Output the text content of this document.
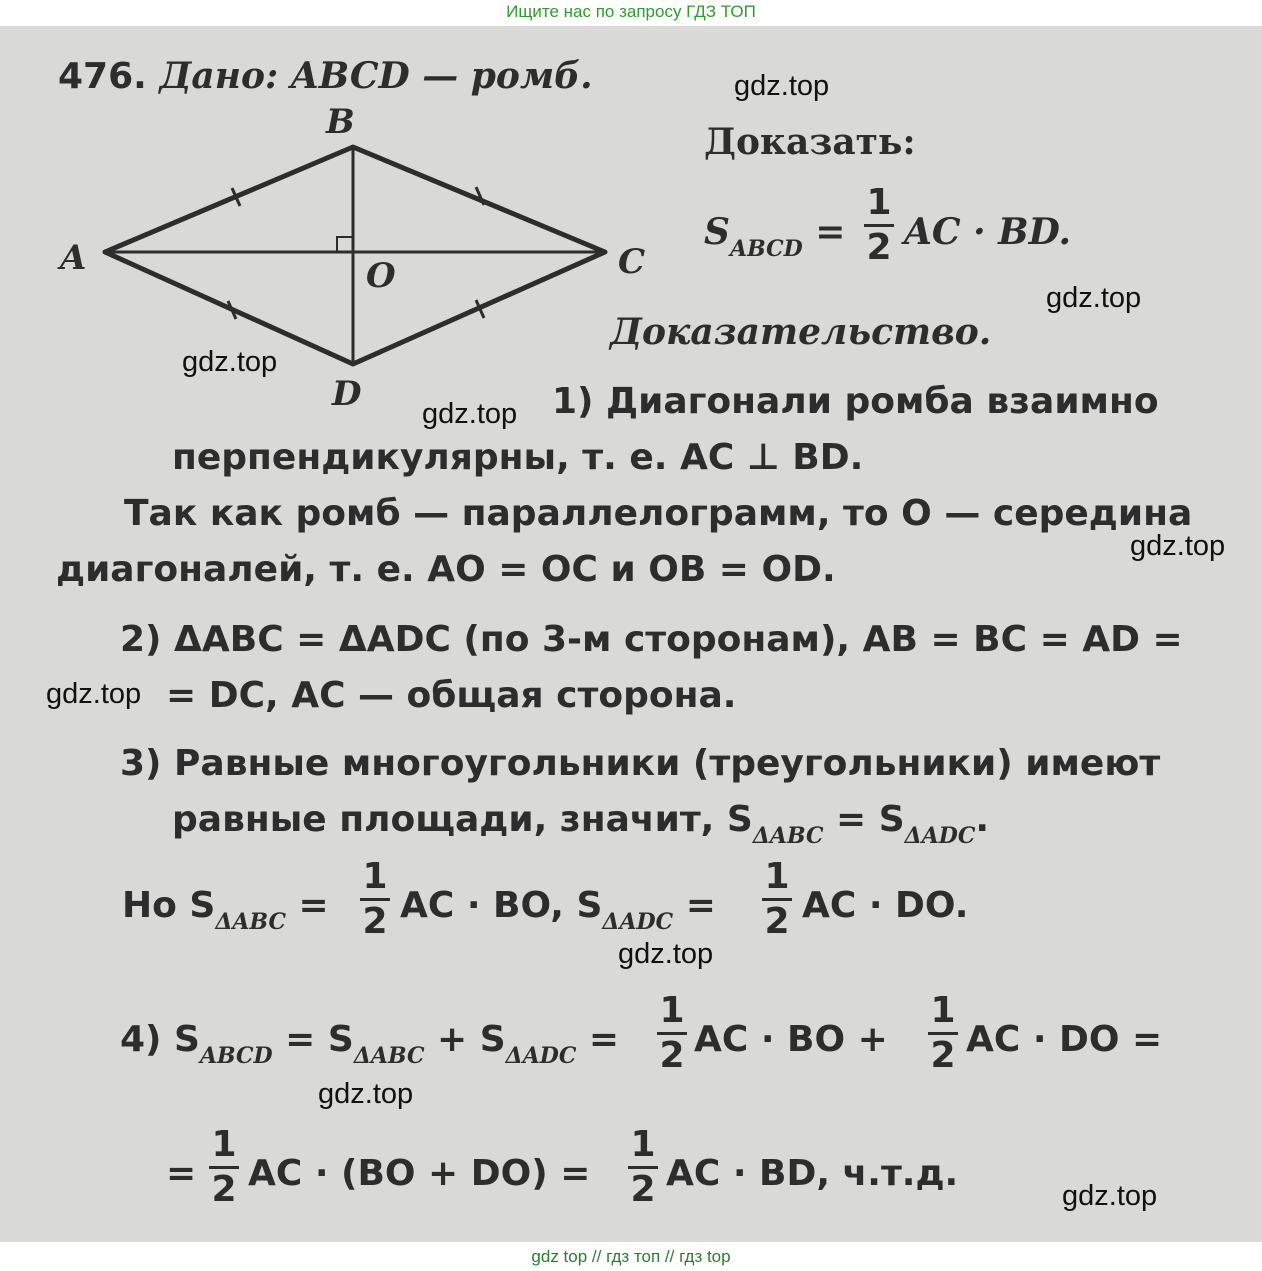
Ищите нас по запросу ГДЗ ТОП
476. Дано: ABCD — ромб.
A
B
C
D
O
Доказать:
$S_{ABCD}$ =
1
2 AC · BD.
Доказательство.
1) Диагонали ромба взаимно
перпендикулярны, т. е. AC ⊥ BD.
Так как ромб — параллелограмм, то O — середина
диагоналей, т. е. AO = OC и OB = OD.
2) ΔABC = ΔADC (по 3-м сторонам), AB = BC = AD =
= DC, AC — общая сторона.
3) Равные многоугольники (треугольники) имеют
равные площади, значит, $S_{\Delta ABC} = S_{\Delta ADC}$.
Но $S_{\Delta ABC}$ =
1
2 AC · BO, $S_{\Delta ADC}$ =
1
2 AC · DO.
4) $S_{ABCD} = S_{\Delta ABC} + S_{\Delta ADC}$ =
1
2 AC · BO +
1
2 AC · DO =
=
1
2 AC · (BO + DO) =
1
2 AC · BD, ч.т.д.
gdz.top
gdz.top
gdz.top
gdz.top
gdz.top
gdz.top
gdz.top
gdz.top
gdz.top
gdz top // гдз топ // гдз top
